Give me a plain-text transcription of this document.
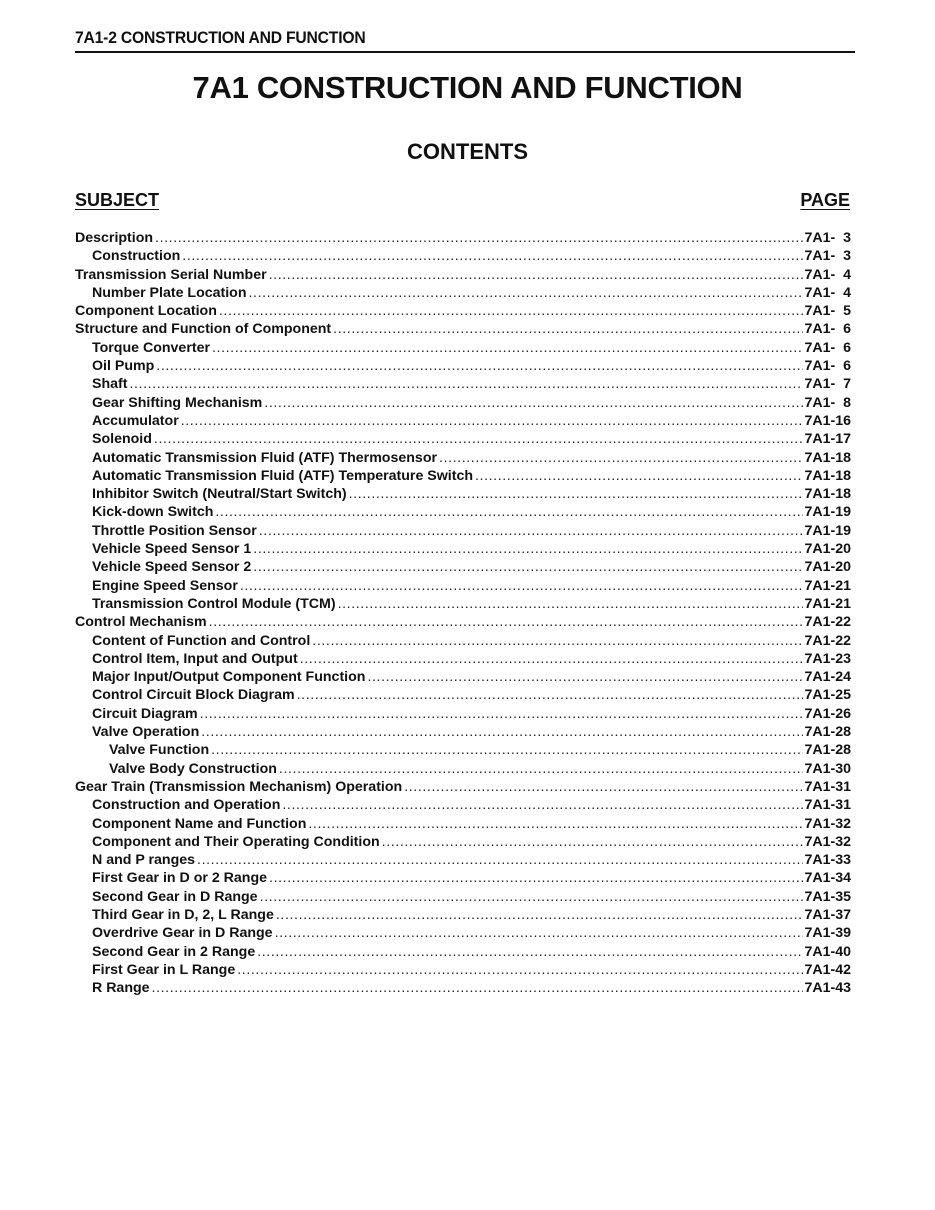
7A1-2 CONSTRUCTION AND FUNCTION
7A1 CONSTRUCTION AND FUNCTION
CONTENTS
SUBJECT	PAGE
Description .....	7A1-  3
Construction .....	7A1-  3
Transmission Serial Number .....	7A1-  4
Number Plate Location .....	7A1-  4
Component Location .....	7A1-  5
Structure and Function of Component .....	7A1-  6
Torque Converter .....	7A1-  6
Oil Pump .....	7A1-  6
Shaft .....	7A1-  7
Gear Shifting Mechanism .....	7A1-  8
Accumulator .....	7A1-16
Solenoid .....	7A1-17
Automatic Transmission Fluid (ATF) Thermosensor .....	7A1-18
Automatic Transmission Fluid (ATF) Temperature Switch .....	7A1-18
Inhibitor Switch (Neutral/Start Switch) .....	7A1-18
Kick-down Switch .....	7A1-19
Throttle Position Sensor .....	7A1-19
Vehicle Speed Sensor 1 .....	7A1-20
Vehicle Speed Sensor 2 .....	7A1-20
Engine Speed Sensor .....	7A1-21
Transmission Control Module (TCM) .....	7A1-21
Control Mechanism .....	7A1-22
Content of Function and Control .....	7A1-22
Control Item, Input and Output .....	7A1-23
Major Input/Output Component Function .....	7A1-24
Control Circuit Block Diagram .....	7A1-25
Circuit Diagram .....	7A1-26
Valve Operation .....	7A1-28
Valve Function .....	7A1-28
Valve Body Construction .....	7A1-30
Gear Train (Transmission Mechanism) Operation .....	7A1-31
Construction and Operation .....	7A1-31
Component Name and Function .....	7A1-32
Component and Their Operating Condition .....	7A1-32
N and P ranges .....	7A1-33
First Gear in D or 2 Range .....	7A1-34
Second Gear in D Range .....	7A1-35
Third Gear in D, 2, L Range .....	7A1-37
Overdrive Gear in D Range .....	7A1-39
Second Gear in 2 Range .....	7A1-40
First Gear in L Range .....	7A1-42
R Range .....	7A1-43
